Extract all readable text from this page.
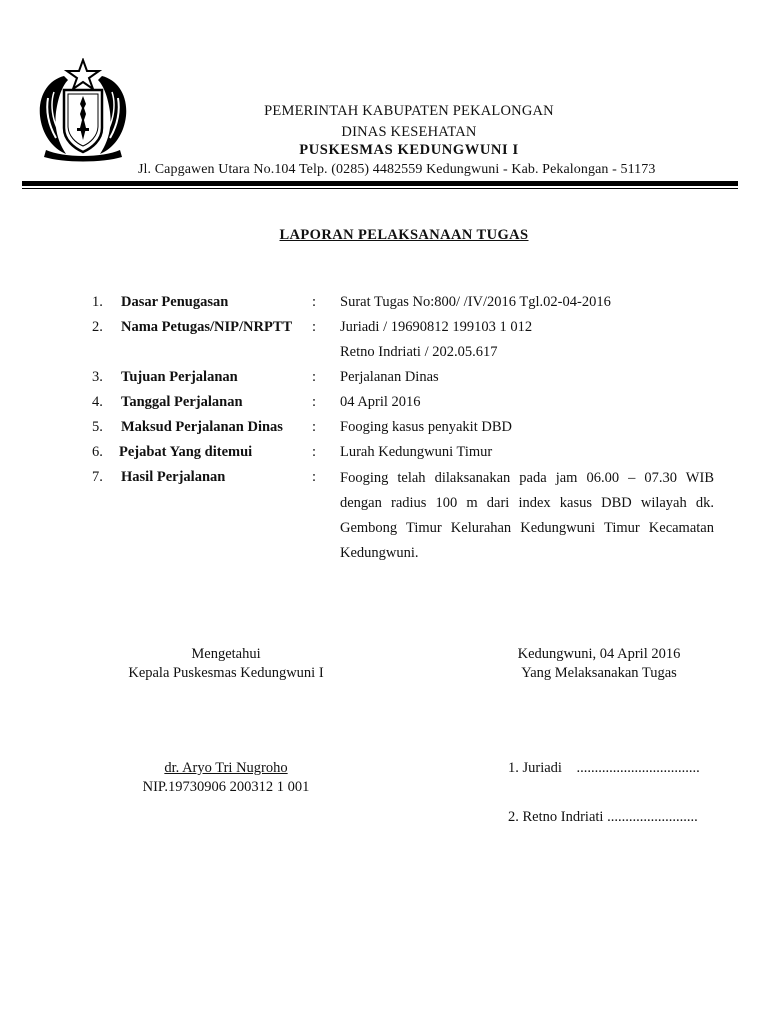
PEMERINTAH KABUPATEN PEKALONGAN
DINAS KESEHATAN
PUSKESMAS KEDUNGWUNI I
Jl. Capgawen Utara No.104 Telp. (0285) 4482559 Kedungwuni - Kab. Pekalongan - 51173
LAPORAN PELAKSANAAN TUGAS
1. Dasar Penugasan	: Surat Tugas No:800/ /IV/2016 Tgl.02-04-2016
2. Nama Petugas/NIP/NRPTT : Juriadi / 19690812 199103 1 012
Retno Indriati / 202.05.617
3. Tujuan Perjalanan	: Perjalanan Dinas
4. Tanggal Perjalanan	: 04 April 2016
5. Maksud Perjalanan Dinas : Fooging kasus penyakit DBD
6. Pejabat Yang ditemui	: Lurah Kedungwuni Timur
7. Hasil Perjalanan	: Fooging telah dilaksanakan pada jam 06.00 – 07.30 WIB dengan radius 100 m dari index kasus DBD wilayah dk. Gembong Timur Kelurahan Kedungwuni Timur Kecamatan Kedungwuni.
Mengetahui
Kepala Puskesmas Kedungwuni I
dr. Aryo Tri Nugroho
NIP.19730906 200312 1 001
Kedungwuni, 04 April 2016
Yang Melaksanakan Tugas
1. Juriadi    ..................................
2. Retno Indriati .........................
